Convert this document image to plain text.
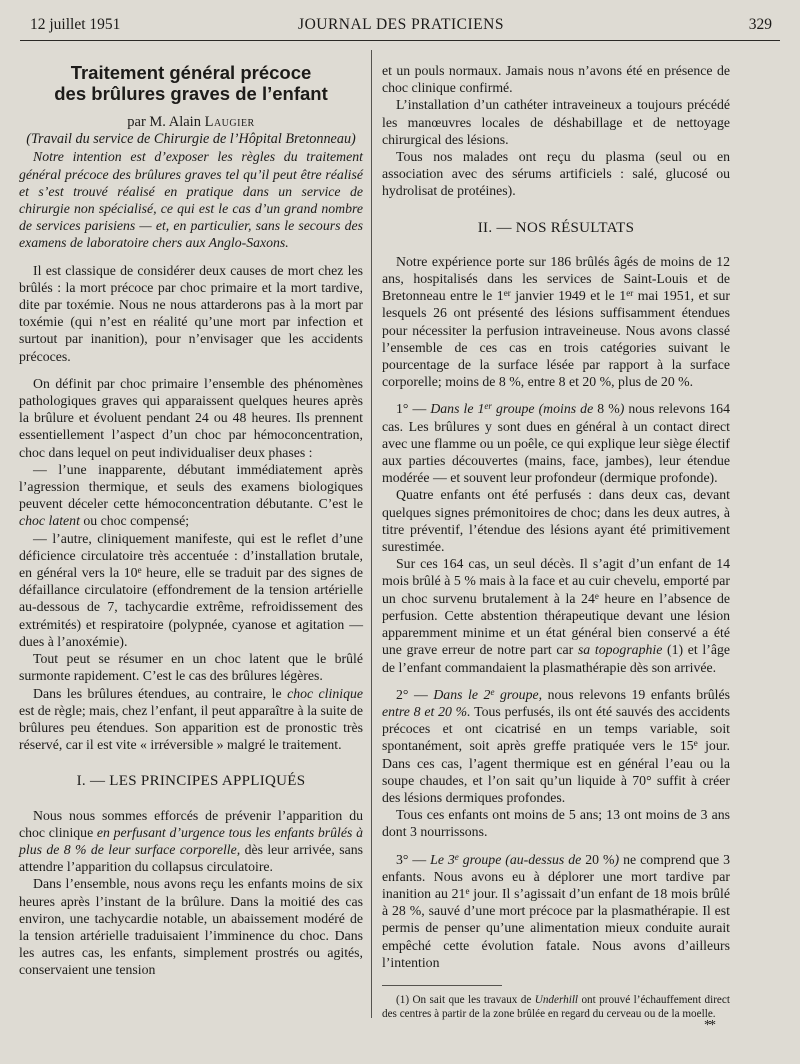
12 juillet 1951	JOURNAL DES PRATICIENS	329
Traitement général précoce
des brûlures graves de l’enfant

par M. Alain Laugier

(Travail du service de Chirurgie de l’Hôpital Bretonneau)

Notre intention est d’exposer les règles du traitement général précoce des brûlures graves tel qu’il peut être réalisé et s’est trouvé réalisé en pratique dans un service de chirurgie non spécialisé, ce qui est le cas d’un grand nombre de services parisiens — et, en particulier, sans le secours des examens de laboratoire chers aux Anglo-Saxons.

Il est classique de considérer deux causes de mort chez les brûlés : la mort précoce par choc primaire et la mort tardive, dite par toxémie. Nous ne nous attarderons pas à la mort par toxémie (qui n’est en réalité qu’une mort par infection et surtout par inanition), pour n’envisager que les accidents précoces.

On définit par choc primaire l’ensemble des phénomènes pathologiques graves qui apparaissent quelques heures après la brûlure et évoluent pendant 24 ou 48 heures. Ils prennent essentiellement l’aspect d’un choc par hémoconcentration, choc dans lequel on peut individualiser deux phases :

— l’une inapparente, débutant immédiatement après l’agression thermique, et seuls des examens biologiques peuvent déceler cette hémoconcentration débutante. C’est le choc latent ou choc compensé;

— l’autre, cliniquement manifeste, qui est le reflet d’une déficience circulatoire très accentuée : d’installation brutale, en général vers la 10e heure, elle se traduit par des signes de défaillance circulatoire (effondrement de la tension artérielle au-dessous de 7, tachycardie extrême, refroidissement des extrémités) et respiratoire (polypnée, cyanose et agitation — dues à l’anoxémie).

Tout peut se résumer en un choc latent que le brûlé surmonte rapidement. C’est le cas des brûlures légères.

Dans les brûlures étendues, au contraire, le choc clinique est de règle; mais, chez l’enfant, il peut apparaître à la suite de brûlures peu étendues. Son apparition est de pronostic très réservé, car il est vite « irréversible » malgré le traitement.

I. — LES PRINCIPES APPLIQUÉS

Nous nous sommes efforcés de prévenir l’apparition du choc clinique en perfusant d’urgence tous les enfants brûlés à plus de 8 % de leur surface corporelle, dès leur arrivée, sans attendre l’apparition du collapsus circulatoire.

Dans l’ensemble, nous avons reçu les enfants moins de six heures après l’instant de la brûlure. Dans la moitié des cas environ, une tachycardie notable, un abaissement modéré de la tension artérielle traduisaient l’imminence du choc. Dans les autres cas, les enfants, simplement prostrés ou agités, conservaient une tension

et un pouls normaux. Jamais nous n’avons été en présence de choc clinique confirmé.

L’installation d’un cathéter intraveineux a toujours précédé les manœuvres locales de déshabillage et de nettoyage chirurgical des lésions.

Tous nos malades ont reçu du plasma (seul ou en association avec des sérums artificiels : salé, glucosé ou hydrolisat de protéines).

II. — NOS RÉSULTATS

Notre expérience porte sur 186 brûlés âgés de moins de 12 ans, hospitalisés dans les services de Saint-Louis et de Bretonneau entre le 1er janvier 1949 et le 1er mai 1951, et sur lesquels 26 ont présenté des lésions suffisamment étendues pour nécessiter la perfusion intraveineuse. Nous avons classé l’ensemble de ces cas en trois catégories suivant le pourcentage de la surface lésée par rapport à la surface corporelle; moins de 8 %, entre 8 et 20 %, plus de 20 %.

1° — Dans le 1er groupe (moins de 8 %) nous relevons 164 cas. Les brûlures y sont dues en général à un contact direct avec une flamme ou un poêle, ce qui explique leur siège électif aux parties découvertes (mains, face, jambes), leur étendue modérée — et souvent leur profondeur (dermique profonde).

Quatre enfants ont été perfusés : dans deux cas, devant quelques signes prémonitoires de choc; dans les deux autres, à titre préventif, l’étendue des lésions ayant été primitivement surestimée.

Sur ces 164 cas, un seul décès. Il s’agit d’un enfant de 14 mois brûlé à 5 % mais à la face et au cuir chevelu, emporté par un choc survenu brutalement à la 24e heure en l’absence de perfusion. Cette abstention thérapeutique devant une lésion apparemment minime et un état général bien conservé a été une grave erreur de notre part car sa topographie (1) et l’âge de l’enfant commandaient la plasmathérapie dès son arrivée.

2° — Dans le 2e groupe, nous relevons 19 enfants brûlés entre 8 et 20 %. Tous perfusés, ils ont été sauvés des accidents précoces et ont cicatrisé en un temps variable, soit spontanément, soit après greffe pratiquée vers le 15e jour. Dans ces cas, l’agent thermique est en général l’eau ou la soupe chaudes, et l’on sait qu’un liquide à 70° suffit à créer des lésions dermiques profondes.

Tous ces enfants ont moins de 5 ans; 13 ont moins de 3 ans dont 3 nourrissons.

3° — Le 3e groupe (au-dessus de 20 %) ne comprend que 3 enfants. Nous avons eu à déplorer une mort tardive par inanition au 21e jour. Il s’agissait d’un enfant de 18 mois brûlé à 28 %, sauvé d’une mort précoce par la plasmathérapie. Il est permis de penser qu’une alimentation mieux conduite aurait empêché cette évolution fatale. Nous avons d’ailleurs l’intention

(1) On sait que les travaux de Underhill ont prouvé l’échauffement direct des centres à partir de la zone brûlée en regard du cerveau ou de la moelle.

**
